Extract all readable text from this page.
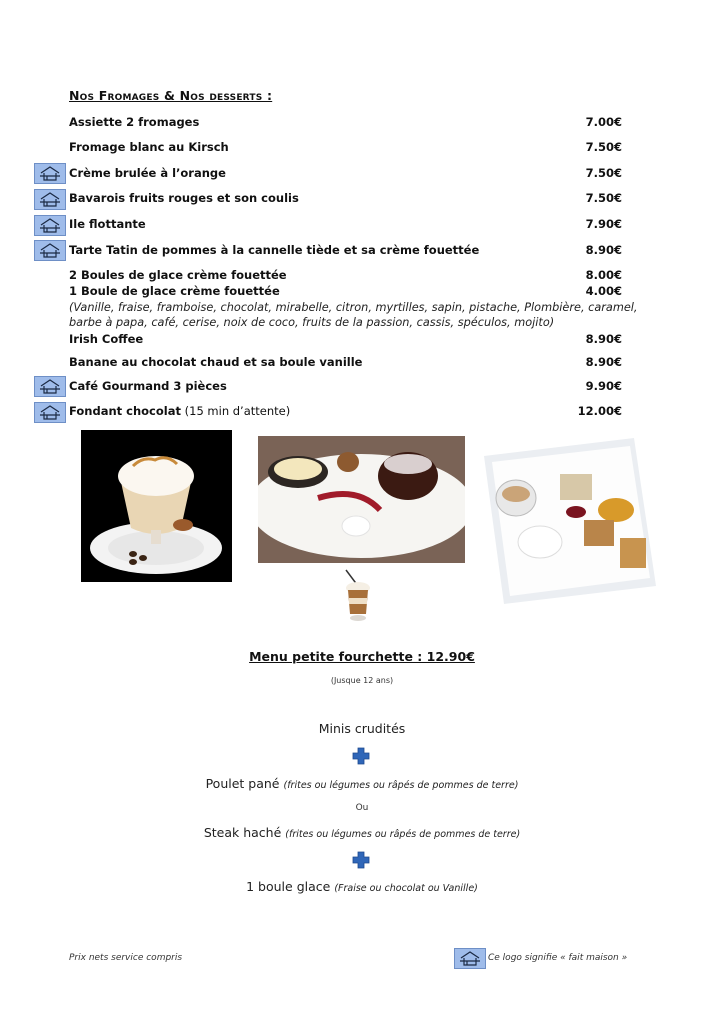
Nos Fromages & Nos desserts :
Assiette 2 fromages	7.00€
Fromage blanc au Kirsch	7.50€
Crème brulée à l’orange	7.50€
Bavarois fruits rouges et son coulis	7.50€
Ile flottante	7.90€
Tarte Tatin de pommes à la cannelle tiède et sa crème fouettée	8.90€
2 Boules de glace crème fouettée	8.00€
1 Boule de glace crème fouettée	4.00€
(Vanille, fraise, framboise, chocolat, mirabelle, citron, myrtilles, sapin, pistache, Plombière, caramel, barbe à papa, café, cerise, noix de coco, fruits de la passion, cassis, spéculos, mojito)
Irish Coffee	8.90€
Banane au chocolat chaud et sa boule vanille	8.90€
Café Gourmand 3 pièces	9.90€
Fondant chocolat (15 min d’attente)	12.00€
Menu petite fourchette : 12.90€
(Jusque 12 ans)
Minis crudités
Poulet pané (frites ou légumes ou râpés de pommes de terre)
Ou
Steak haché (frites ou légumes ou râpés de pommes de terre)
1 boule glace (Fraise ou chocolat ou Vanille)
Prix nets service compris	Ce logo signifie « fait maison »
